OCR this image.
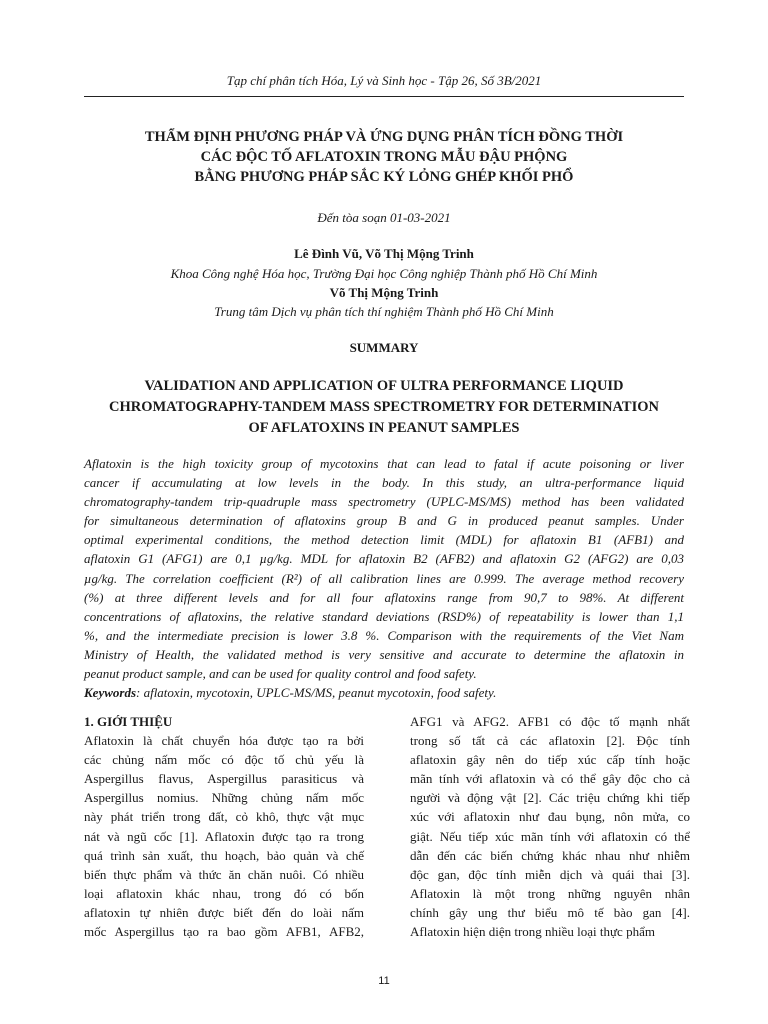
Tạp chí phân tích Hóa, Lý và Sinh học - Tập 26, Số 3B/2021
THẨM ĐỊNH PHƯƠNG PHÁP VÀ ỨNG DỤNG PHÂN TÍCH ĐỒNG THỜI
CÁC ĐỘC TỐ AFLATOXIN TRONG MẪU ĐẬU PHỘNG
BẰNG PHƯƠNG PHÁP SẮC KÝ LỎNG GHÉP KHỐI PHỔ
Đến tòa soạn 01-03-2021
Lê Đình Vũ, Võ Thị Mộng Trinh
Khoa Công nghệ Hóa học, Trường Đại học Công nghiệp Thành phố Hồ Chí Minh
Võ Thị Mộng Trinh
Trung tâm Dịch vụ phân tích thí nghiệm Thành phố Hồ Chí Minh
SUMMARY
VALIDATION AND APPLICATION OF ULTRA PERFORMANCE LIQUID
CHROMATOGRAPHY-TANDEM MASS SPECTROMETRY FOR DETERMINATION
OF AFLATOXINS IN PEANUT SAMPLES
Aflatoxin is the high toxicity group of mycotoxins that can lead to fatal if acute poisoning or liver
cancer if accumulating at low levels in the body. In this study, an ultra-performance liquid
chromatography-tandem trip-quadruple mass spectrometry (UPLC-MS/MS) method has been validated
for simultaneous determination of aflatoxins group B and G in produced peanut samples. Under
optimal experimental conditions, the method detection limit (MDL) for aflatoxin B1 (AFB1) and
aflatoxin G1 (AFG1) are 0,1 µg/kg. MDL for aflatoxin B2 (AFB2) and aflatoxin G2 (AFG2) are 0,03
µg/kg. The correlation coefficient (R²) of all calibration lines are 0.999. The average method recovery
(%) at three different levels and for all four aflatoxins range from 90,7 to 98%. At different
concentrations of aflatoxins, the relative standard deviations (RSD%) of repeatability is lower than 1,1
%, and the intermediate precision is lower 3.8 %. Comparison with the requirements of the Viet Nam
Ministry of Health, the validated method is very sensitive and accurate to determine the aflatoxin in
peanut product sample, and can be used for quality control and food safety.
Keywords: aflatoxin, mycotoxin, UPLC-MS/MS, peanut mycotoxin, food safety.
1. GIỚI THIỆU
Aflatoxin là chất chuyển hóa được tạo ra bởi
các chủng nấm mốc có độc tố chủ yếu là
Aspergillus flavus, Aspergillus parasiticus và
Aspergillus nomius. Những chủng nấm mốc
này phát triển trong đất, cỏ khô, thực vật mục
nát và ngũ cốc [1]. Aflatoxin được tạo ra trong
quá trình sản xuất, thu hoạch, bảo quản và chế
biến thực phẩm và thức ăn chăn nuôi. Có nhiều
loại aflatoxin khác nhau, trong đó có bốn
aflatoxin tự nhiên được biết đến do loài nấm
mốc Aspergillus tạo ra bao gồm AFB1, AFB2,
AFG1 và AFG2. AFB1 có độc tố mạnh nhất
trong số tất cả các aflatoxin [2]. Độc tính
aflatoxin gây nên do tiếp xúc cấp tính hoặc
mãn tính với aflatoxin và có thể gây độc cho cả
người và động vật [2]. Các triệu chứng khi tiếp
xúc với aflatoxin như đau bụng, nôn mửa, co
giật. Nếu tiếp xúc mãn tính với aflatoxin có thể
dẫn đến các biến chứng khác nhau như nhiễm
độc gan, độc tính miễn dịch và quái thai [3].
Aflatoxin là một trong những nguyên nhân
chính gây ung thư biểu mô tế bào gan [4].
Aflatoxin hiện diện trong nhiều loại thực phẩm
11
